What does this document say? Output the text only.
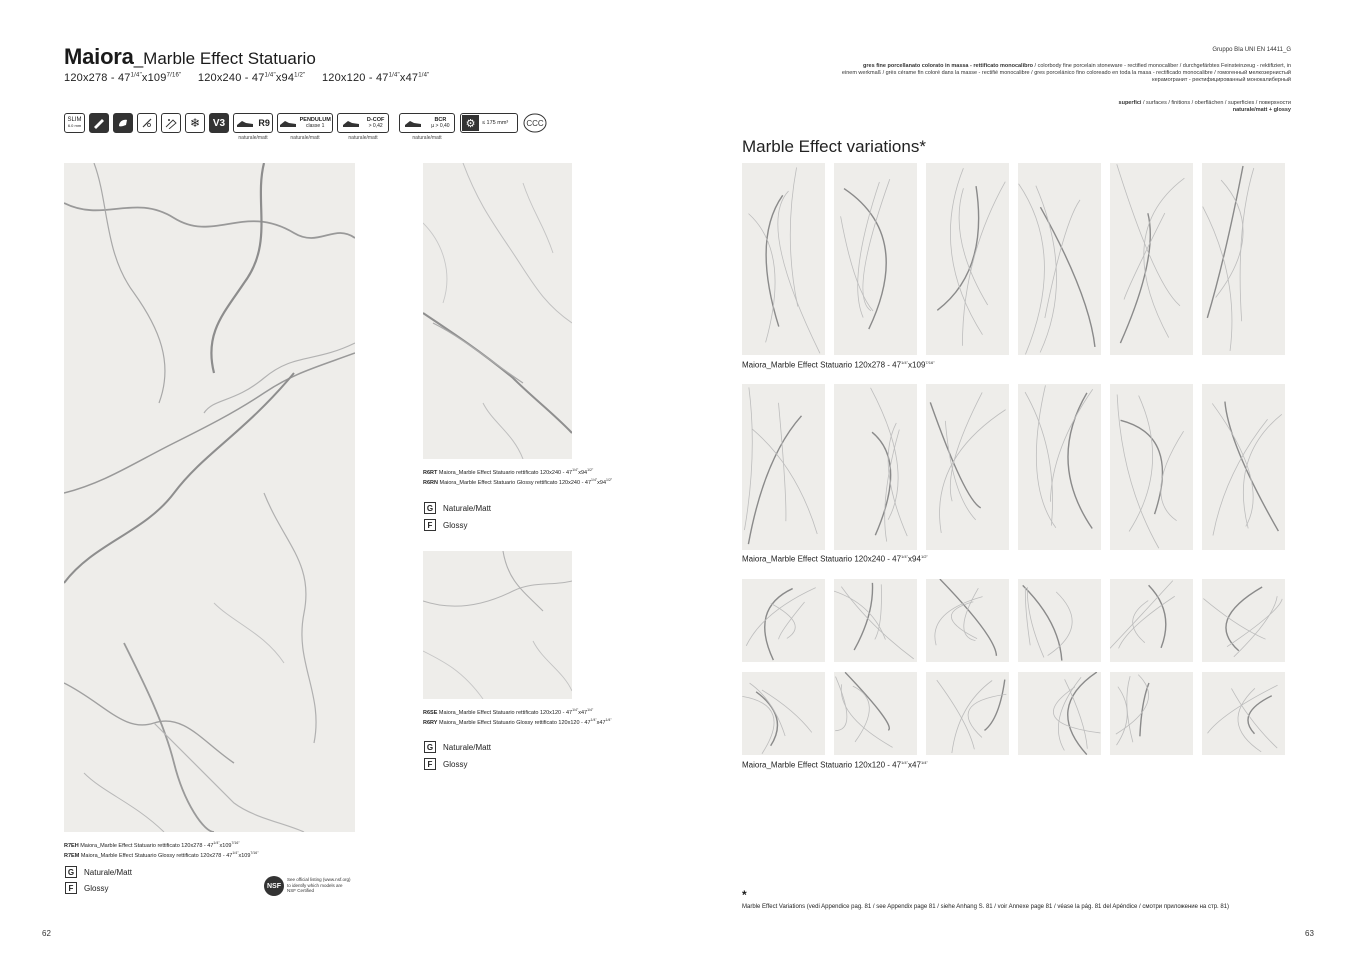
Maiora_Marble Effect Statuario
$120x278 - 47^{1/4"}x109^{7/16"}$ $120x240 - 47^{1/4"}x94^{1/2"}$ $120x120 - 47^{1/4"}x47^{1/4"}$
SLIM
6.0 mm	❄	V3	R9	PENDULUM
classe 1
D-COF
> 0,42
BCR
µ > 0,40	⚙	≤ 175 mm³ CCC
naturale/matt	naturale/matt	naturale/matt	naturale/matt
R7EH Maiora_Marble Effect Statuario rettificato $120x278 - 47^{1/4"}x109^{7/16"}$
R7EM Maiora_Marble Effect Statuario Glossy rettificato $120x278 - 47^{1/4"}x109^{7/16"}$
G	Naturale/Matt
F	Glossy	NSF
See official listing (www.nsf.org)
to identify which models are
NSF Certified
R6RT Maiora_Marble Effect Statuario rettificato $120x240 - 47^{1/4"}x94^{1/2"}$
R6RN Maiora_Marble Effect Statuario Glossy rettificato $120x240 - 47^{1/4"}x94^{1/2"}$
G	Naturale/Matt
F	Glossy
R6SE Maiora_Marble Effect Statuario rettificato $120x120 - 47^{1/4"}x47^{1/4"}$
R6RY Maiora_Marble Effect Statuario Glossy rettificato $120x120 - 47^{1/4"}x47^{1/4"}$
G	Naturale/Matt
F	Glossy
62
Gruppo BIa UNI EN 14411_G
gres fine porcellanato colorato in massa - rettificato monocalibro / colorbody fine porcelain stoneware - rectified monocaliber / durchgefärbtes Feinsteinzeug - rektifiziert, in
einem werkmaß / grès cérame fin coloré dans la masse - rectifié monocalibre / gres porcelánico fino coloreado en toda la masa - rectificado monocalibre / гомогенный мелкозернистый
керамогранит - ректифицированный монокалиберный
superfici / surfaces / finitions / oberflächen / superficies / поверхности
naturale/matt + glossy
Marble Effect variations*
Maiora_Marble Effect Statuario $120x278 - 47^{1/4"}x109^{7/16"}$
Maiora_Marble Effect Statuario $120x240 - 47^{1/4"}x94^{1/2"}$
Maiora_Marble Effect Statuario $120x120 - 47^{1/4"}x47^{1/4"}$
*
Marble Effect Variations (vedi Appendice pag. 81 / see Appendix page 81 / siehe Anhang S. 81 / voir Annexe page 81 / véase la pág. 81 del Apéndice / смотри приложение на стр. 81)
63
